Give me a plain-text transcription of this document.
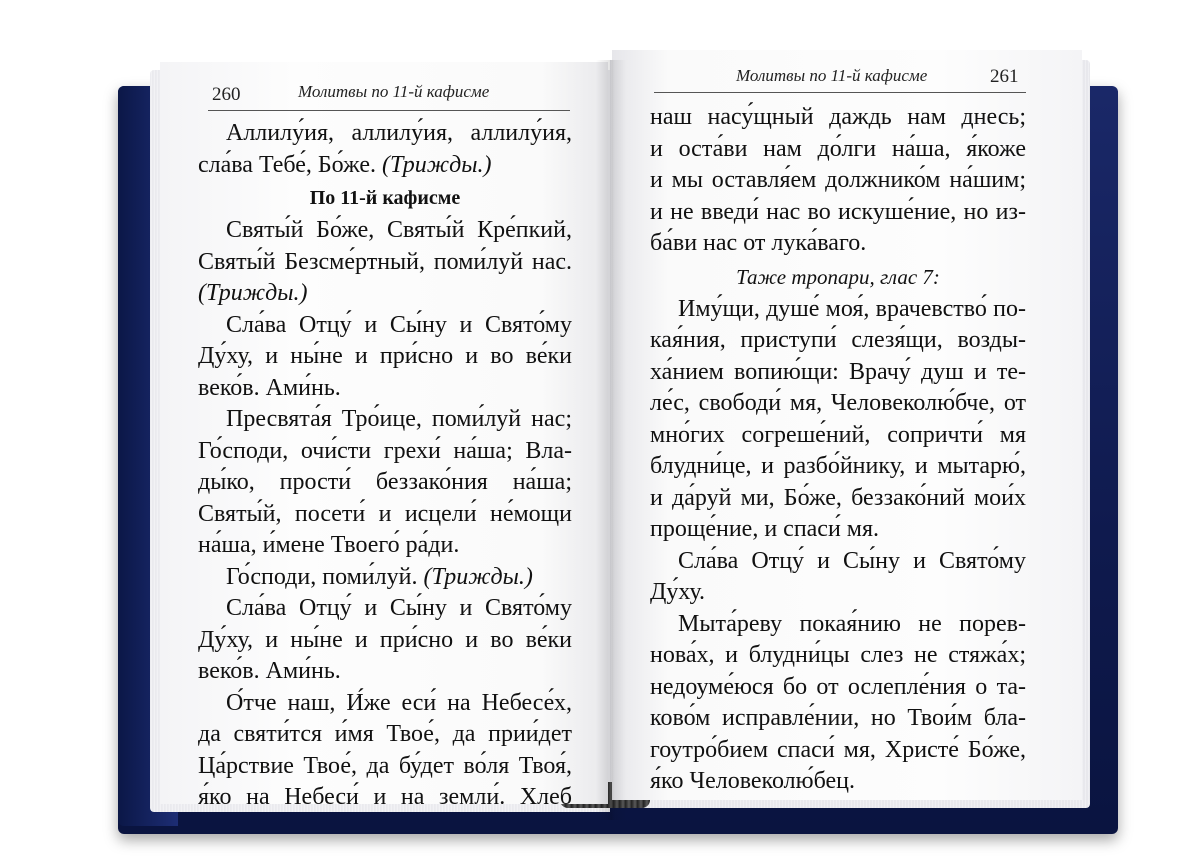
260	Молитвы по 11-й кафисме
Аллилу́ия, аллилу́ия, аллилу́ия,
сла́ва Тебе́, Бо́же. (Трижды.)
По 11-й кафисме
Святы́й Бо́же, Святы́й Кре́пкий,
Святы́й Безсме́ртный, поми́луй нас.
(Трижды.)
Сла́ва Отцу́ и Сы́ну и Свято́му
Ду́ху, и ны́не и при́сно и во ве́ки
веко́в. Ами́нь.
Пресвята́я Тро́ице, поми́луй нас;
Го́споди, очи́сти грехи́ на́ша; Вла-
ды́ко, прости́ беззако́ния на́ша;
Святы́й, посети́ и исцели́ не́мощи
на́ша, и́мене Твоего́ ра́ди.
Го́споди, поми́луй. (Трижды.)
Сла́ва Отцу́ и Сы́ну и Свято́му
Ду́ху, и ны́не и при́сно и во ве́ки
веко́в. Ами́нь.
О́тче наш, И́же еси́ на Небесе́х,
да святи́тся и́мя Твое́, да прии́дет
Ца́рствие Твое́, да бу́дет во́ля Твоя́,
я́ко на Небеси́ и на земли́. Хлеб
Молитвы по 11-й кафисме	261
наш насу́щный даждь нам днесь;
и оста́ви нам до́лги на́ша, я́коже
и мы оставля́ем должнико́м на́шим;
и не введи́ нас во искуше́ние, но из-
ба́ви нас от лука́ваго.
Таже тропари, глас 7:
Иму́щи, душе́ моя́, врачевство́ по-
кая́ния, приступи́ слезя́щи, возды-
ха́нием вопию́щи: Врачу́ душ и те-
ле́с, свободи́ мя, Человеколю́бче, от
мно́гих согреше́ний, сопричти́ мя
блудни́це, и разбо́йнику, и мытарю́,
и да́руй ми, Бо́же, беззако́ний мои́х
проще́ние, и спаси́ мя.
Сла́ва Отцу́ и Сы́ну и Свято́му
Ду́ху.
Мыта́реву покая́нию не порев-
нова́х, и блудни́цы слез не стяжа́х;
недоуме́юся бо от ослепле́ния о та-
ково́м исправле́нии, но Твои́м бла-
гоутро́бием спаси́ мя, Христе́ Бо́же,
я́ко Человеколю́бец.
